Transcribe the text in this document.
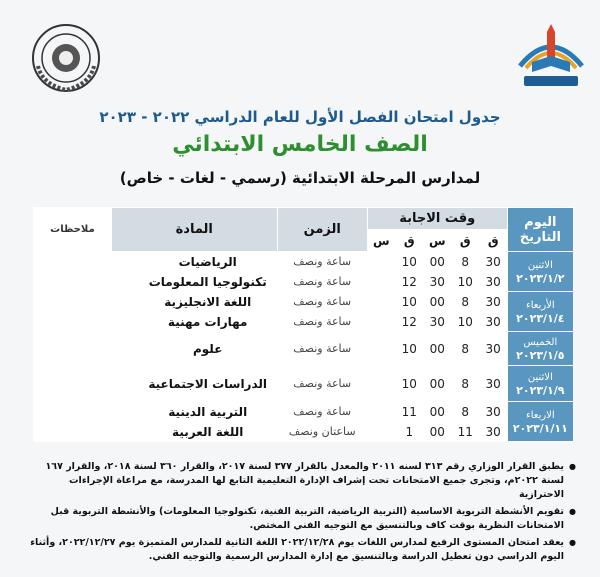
جدول امتحان الفصل الأول للعام الدراسي ٢٠٢٢ - ٢٠٢٣
الصف الخامس الابتدائي
لمدارس المرحلة الابتدائية (رسمي - لغات - خاص)
اليوم
التاريخ	وقت الاجابة					الزمن	المادة		ملاحظات
	ق	ق	س	ق	س				

الاثنين
٢٠٢٣/١/٢	30	8	00	10		ساعة ونصف	الرياضيات		
	30	10	30	12		ساعة ونصف	تكنولوجيا المعلومات		

الأربعاء
٢٠٢٣/١/٤	30	8	00	10		ساعة ونصف	اللغة الانجليزية		
	30	10	30	12		ساعة ونصف	مهارات مهنية		

الخميس
٢٠٢٣/١/٥	30	8	00	10		ساعة ونصف	علوم		

الاثنين
٢٠٢٣/١/٩	30	8	00	10		ساعة ونصف	الدراسات الاجتماعية		

الاربعاء
٢٠٢٣/١/١١	30	8	00	11		ساعة ونصف	التربية الدينية		
	30	11	00	1		ساعتان ونصف	اللغة العربية		
● يطبق القرار الوزاري رقم ٣١٣ لسنه ٢٠١١ والمعدل بالقرار ٣٧٧ لسنة ٢٠١٧، والقرار ٣٦٠ لسنة ٢٠١٨، والقرار ١٦٧ لسنة ٢٠٢٢م، وتجرى جميع الامتحانات تحت إشراف الإدارة التعليمية التابع لها المدرسة، مع مراعاة الإجراءات الاحترازية
● تقويم الأنشطة التربوية الاساسية (التربية الرياضية، التربية الفنية، تكنولوجيا المعلومات) والأنشطة التربوية قبل الامتحانات النظرية بوقت كاف وبالتنسيق مع التوجيه الفني المختص.
● يعقد امتحان المستوى الرفيع لمدارس اللغات يوم ٢٠٢٢/١٢/٢٨ اللغة الثانية للمدارس المتميزة يوم ٢٠٢٢/١٢/٢٧، وأثناء اليوم الدراسي دون تعطيل الدراسة وبالتنسيق مع إدارة المدارس الرسمية والتوجيه الفني.
